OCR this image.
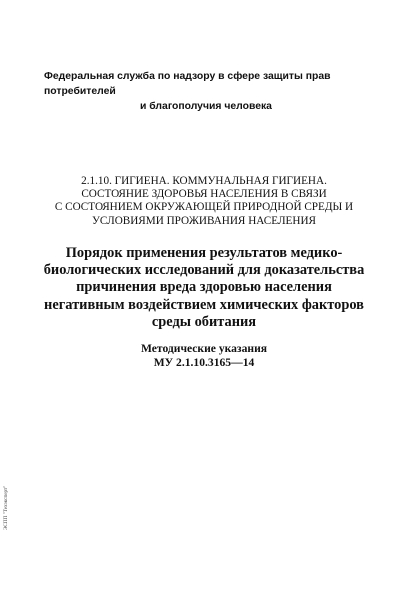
Федеральная служба по надзору в сфере защиты прав потребителей
и благополучия человека
2.1.10. ГИГИЕНА. КОММУНАЛЬНАЯ ГИГИЕНА.
СОСТОЯНИЕ ЗДОРОВЬЯ НАСЕЛЕНИЯ В СВЯЗИ
С СОСТОЯНИЕМ ОКРУЖАЮЩЕЙ ПРИРОДНОЙ СРЕДЫ И
УСЛОВИЯМИ ПРОЖИВАНИЯ НАСЕЛЕНИЯ
Порядок применения результатов медико-
биологических исследований для доказательства
причинения вреда здоровью населения
негативным воздействием химических факторов
среды обитания
Методические указания
МУ 2.1.10.3165—14
ЭСПП "Техэксперт"
